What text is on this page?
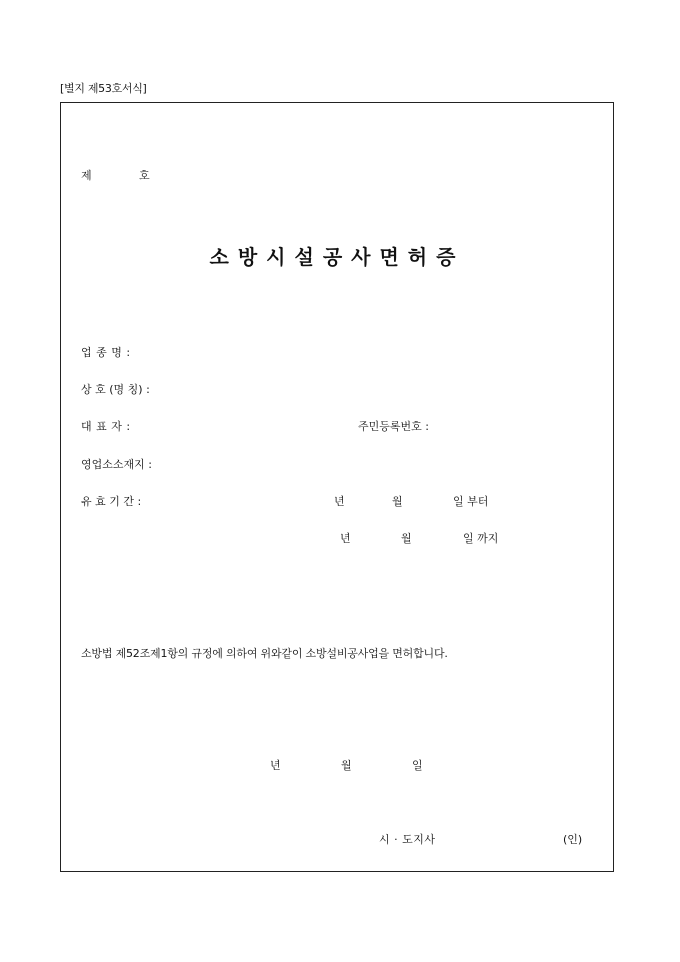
[별지 제53호서식]
제	호
소방시설공사면허증
업 종 명 :
상 호 (명 칭) :
대 표 자 :	주민등록번호 :
영업소소재지 :
유 효 기 간 :	년	월	일 부터
년	월	일 까지
소방법 제52조제1항의 규정에 의하여 위와같이 소방설비공사업을 면허합니다.
년	월	일
시 · 도지사	(인)
